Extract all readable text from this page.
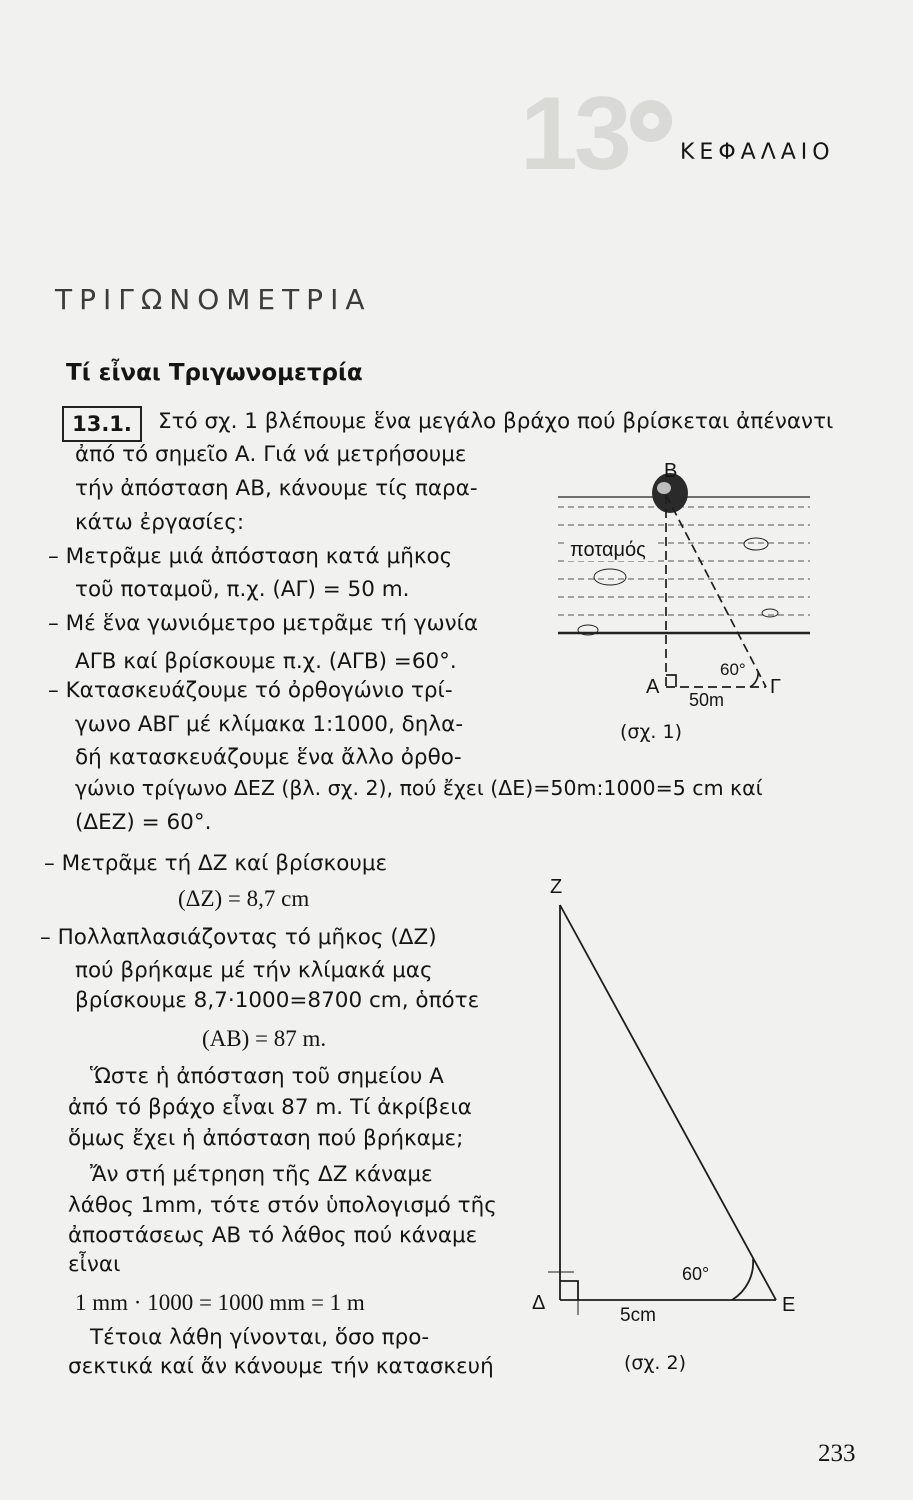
13 ΚΕΦΑΛΑΙΟ
ΤΡΙΓΩΝΟΜΕΤΡΙΑ
Τί εἶναι Τριγωνομετρία
13.1.	Στό σχ. 1 βλέπουμε ἕνα μεγάλο βράχο πού βρίσκεται ἀπέναντι
ἀπό τό σημεῖο Α. Γιά νά μετρήσουμε
τήν ἀπόσταση ΑΒ, κάνουμε τίς παρα-
κάτω ἐργασίες:
– Μετρᾶμε μιά ἀπόσταση κατά μῆκος
τοῦ ποταμοῦ, π.χ. (ΑΓ) = 50 m.
– Μέ ἕνα γωνιόμετρο μετρᾶμε τή γωνία
ΑΓΒ καί βρίσκουμε π.χ. (ΑΓΒ) =60°.
– Κατασκευάζουμε τό ὀρθογώνιο τρί-
γωνο ΑΒΓ μέ κλίμακα 1:1000, δηλα-
δή κατασκευάζουμε ἕνα ἄλλο ὀρθο-
γώνιο τρίγωνο ΔΕΖ (βλ. σχ. 2), πού ἔχει (ΔΕ)=50m:1000=5 cm καί
(ΔΕΖ) = 60°.
– Μετρᾶμε τή ΔΖ καί βρίσκουμε
(ΔΖ) = 8,7 cm
– Πολλαπλασιάζοντας τό μῆκος (ΔΖ)
πού βρήκαμε μέ τήν κλίμακά μας
βρίσκουμε 8,7·1000=8700 cm, ὁπότε
(ΑΒ) = 87 m.
Ὥστε ἡ ἀπόσταση τοῦ σημείου Α
ἀπό τό βράχο εἶναι 87 m. Τί ἀκρίβεια
ὅμως ἔχει ἡ ἀπόσταση πού βρήκαμε;
Ἄν στή μέτρηση τῆς ΔΖ κάναμε
λάθος 1mm, τότε στόν ὑπολογισμό τῆς
ἀποστάσεως ΑΒ τό λάθος πού κάναμε
εἶναι
1 mm · 1000 = 1000 mm = 1 m
Τέτοια λάθη γίνονται, ὅσο προ-
σεκτικά καί ἄν κάνουμε τήν κατασκευή
Β
ποταμός
Α	Γ
60°
50m
(σχ. 1)
Ζ
Δ	Ε
60°
5cm
(σχ. 2)
233
